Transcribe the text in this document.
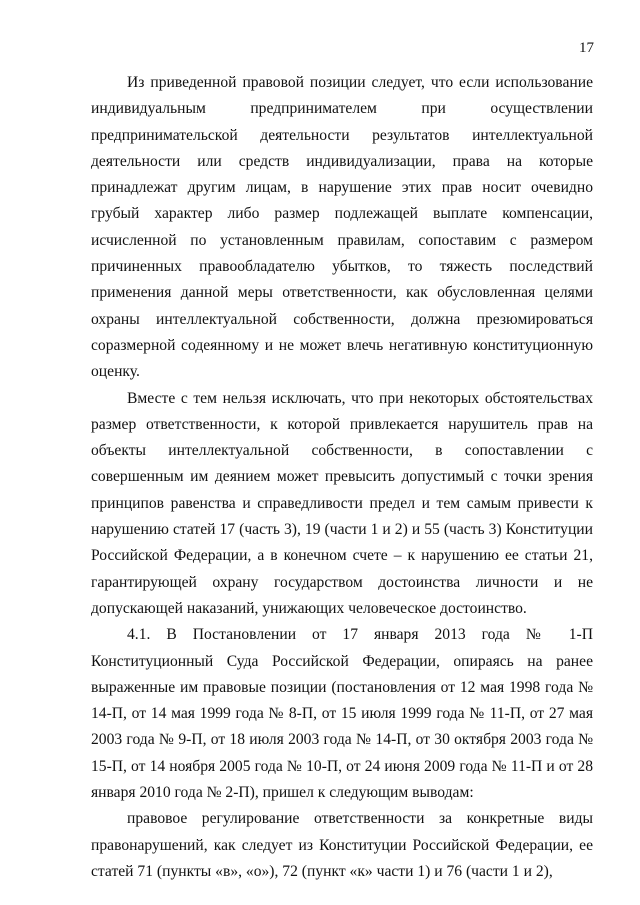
17

Из приведенной правовой позиции следует, что если использование индивидуальным предпринимателем при осуществлении предпринимательской деятельности результатов интеллектуальной деятельности или средств индивидуализации, права на которые принадлежат другим лицам, в нарушение этих прав носит очевидно грубый характер либо размер подлежащей выплате компенсации, исчисленной по установленным правилам, сопоставим с размером причиненных правообладателю убытков, то тяжесть последствий применения данной меры ответственности, как обусловленная целями охраны интеллектуальной собственности, должна презюмироваться соразмерной содеянному и не может влечь негативную конституционную оценку.

Вместе с тем нельзя исключать, что при некоторых обстоятельствах размер ответственности, к которой привлекается нарушитель прав на объекты интеллектуальной собственности, в сопоставлении с совершенным им деянием может превысить допустимый с точки зрения принципов равенства и справедливости предел и тем самым привести к нарушению статей 17 (часть 3), 19 (части 1 и 2) и 55 (часть 3) Конституции Российской Федерации, а в конечном счете – к нарушению ее статьи 21, гарантирующей охрану государством достоинства личности и не допускающей наказаний, унижающих человеческое достоинство.

4.1. В Постановлении от 17 января 2013 года № 1-П Конституционный Суда Российской Федерации, опираясь на ранее выраженные им правовые позиции (постановления от 12 мая 1998 года № 14-П, от 14 мая 1999 года № 8-П, от 15 июля 1999 года № 11-П, от 27 мая 2003 года № 9-П, от 18 июля 2003 года № 14-П, от 30 октября 2003 года № 15-П, от 14 ноября 2005 года № 10-П, от 24 июня 2009 года № 11-П и от 28 января 2010 года № 2-П), пришел к следующим выводам:

правовое регулирование ответственности за конкретные виды правонарушений, как следует из Конституции Российской Федерации, ее статей 71 (пункты «в», «о»), 72 (пункт «к» части 1) и 76 (части 1 и 2),
